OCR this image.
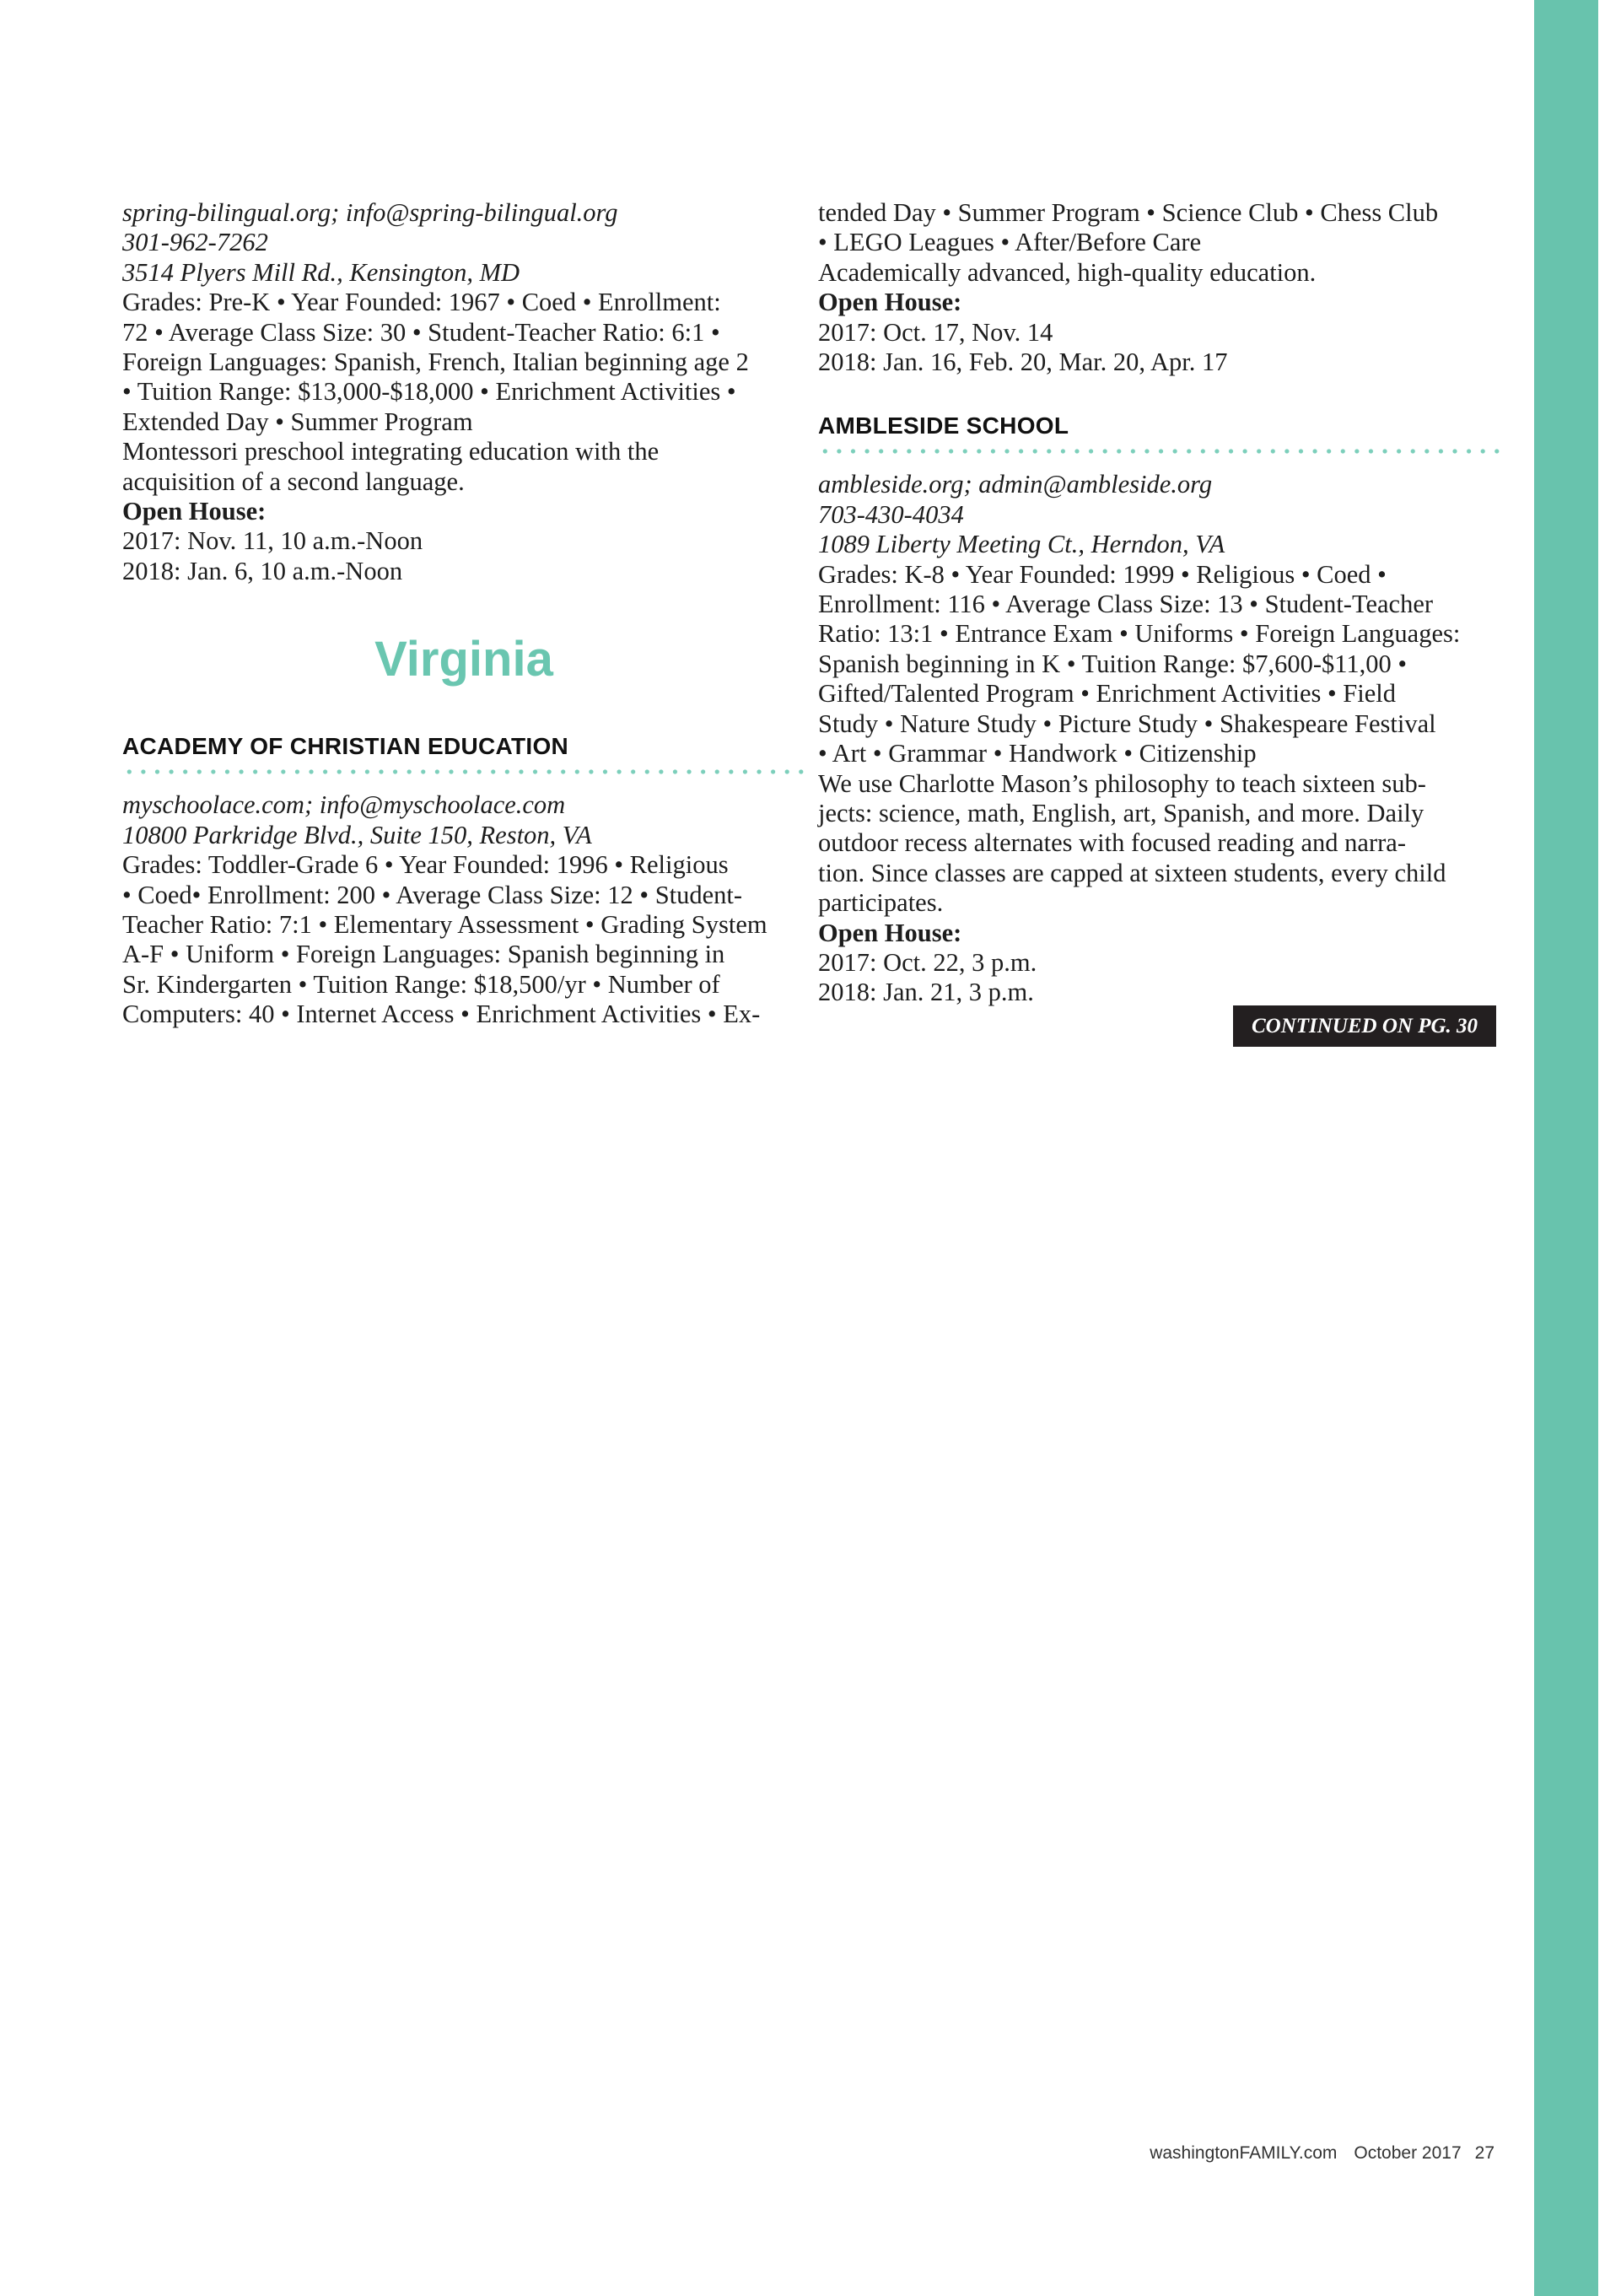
spring-bilingual.org; info@spring-bilingual.org
301-962-7262
3514 Plyers Mill Rd., Kensington, MD
Grades: Pre-K • Year Founded: 1967 • Coed • Enrollment:
72 • Average Class Size: 30 • Student-Teacher Ratio: 6:1 •
Foreign Languages: Spanish, French, Italian beginning age 2
• Tuition Range: $13,000-$18,000 • Enrichment Activities •
Extended Day • Summer Program
Montessori preschool integrating education with the
acquisition of a second language.
Open House:
2017: Nov. 11, 10 a.m.-Noon
2018: Jan. 6, 10 a.m.-Noon
Virginia
ACADEMY OF CHRISTIAN EDUCATION
myschoolace.com; info@myschoolace.com
10800 Parkridge Blvd., Suite 150, Reston, VA
Grades: Toddler-Grade 6 • Year Founded: 1996 • Religious
• Coed• Enrollment: 200 • Average Class Size: 12 • Student-
Teacher Ratio: 7:1 • Elementary Assessment • Grading System
A-F • Uniform • Foreign Languages: Spanish beginning in
Sr. Kindergarten • Tuition Range: $18,500/yr • Number of
Computers: 40 • Internet Access • Enrichment Activities • Ex-
tended Day • Summer Program • Science Club • Chess Club
• LEGO Leagues • After/Before Care
Academically advanced, high-quality education.
Open House:
2017: Oct. 17, Nov. 14
2018: Jan. 16, Feb. 20, Mar. 20, Apr. 17
AMBLESIDE SCHOOL
ambleside.org; admin@ambleside.org
703-430-4034
1089 Liberty Meeting Ct., Herndon, VA
Grades: K-8 • Year Founded: 1999 • Religious • Coed •
Enrollment: 116 • Average Class Size: 13 • Student-Teacher
Ratio: 13:1 • Entrance Exam • Uniforms • Foreign Languages:
Spanish beginning in K • Tuition Range: $7,600-$11,00 •
Gifted/Talented Program • Enrichment Activities • Field
Study • Nature Study • Picture Study • Shakespeare Festival
• Art • Grammar • Handwork • Citizenship
We use Charlotte Mason’s philosophy to teach sixteen sub-
jects: science, math, English, art, Spanish, and more. Daily
outdoor recess alternates with focused reading and narra-
tion. Since classes are capped at sixteen students, every child
participates.
Open House:
2017: Oct. 22, 3 p.m.
2018: Jan. 21, 3 p.m.
CONTINUED ON PG. 30
washingtonFAMILY.com October 2017 27
